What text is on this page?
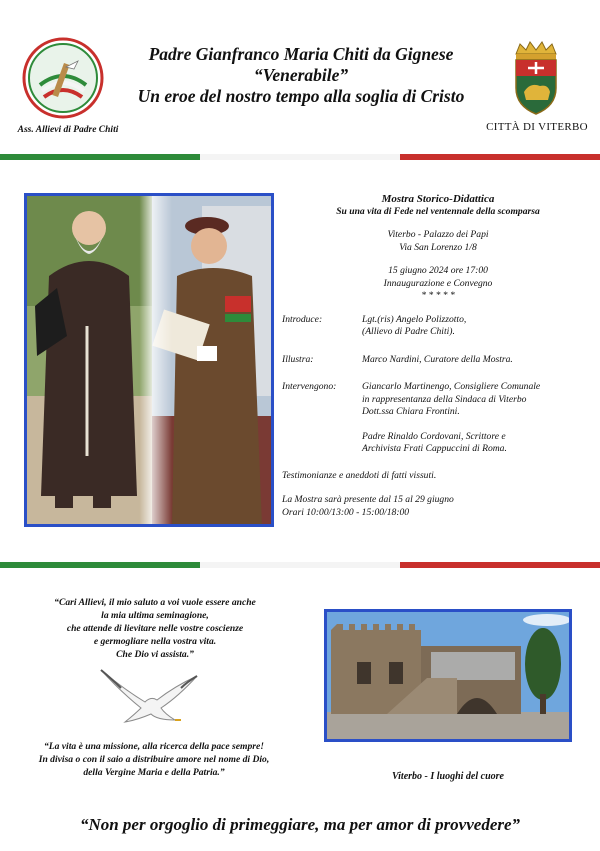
Ass. Allievi di Padre Chiti
Padre Gianfranco Maria Chiti da Gignese
“Venerabile”
Un eroe del nostro tempo alla soglia di Cristo
CITTÀ DI VITERBO
Mostra Storico-Didattica
Su una vita di Fede nel ventennale della scomparsa
Viterbo - Palazzo dei Papi
Via San Lorenzo 1/8
15 giugno 2024 ore 17:00
Innaugurazione e Convegno
* * * * *
Introduce:	Lgt.(ris) Angelo Polizzotto,
(Allievo di Padre Chiti).
Illustra:	Marco Nardini, Curatore della Mostra.
Intervengono:	Giancarlo Martinengo, Consigliere Comunale
in rappresentanza della Sindaca di Viterbo
Dott.ssa Chiara Frontini.
Padre Rinaldo Cordovani, Scrittore e
Archivista Frati Cappuccini di Roma.
Testimonianze e aneddoti di fatti vissuti.
La Mostra sarà presente dal 15 al 29 giugno
Orari 10:00/13:00 - 15:00/18:00
“Cari Allievi, il mio saluto a voi vuole essere anche
la mia ultima seminagione,
che attende di lievitare nelle vostre coscienze
e germogliare nella vostra vita.
Che Dio vi assista.”
“La vita è una missione, alla ricerca della pace sempre!
In divisa o con il saio a distribuire amore nel nome di Dio,
della Vergine Maria e della Patria.”	Viterbo - I luoghi del cuore
“Non per orgoglio di primeggiare, ma per amor di provvedere”
